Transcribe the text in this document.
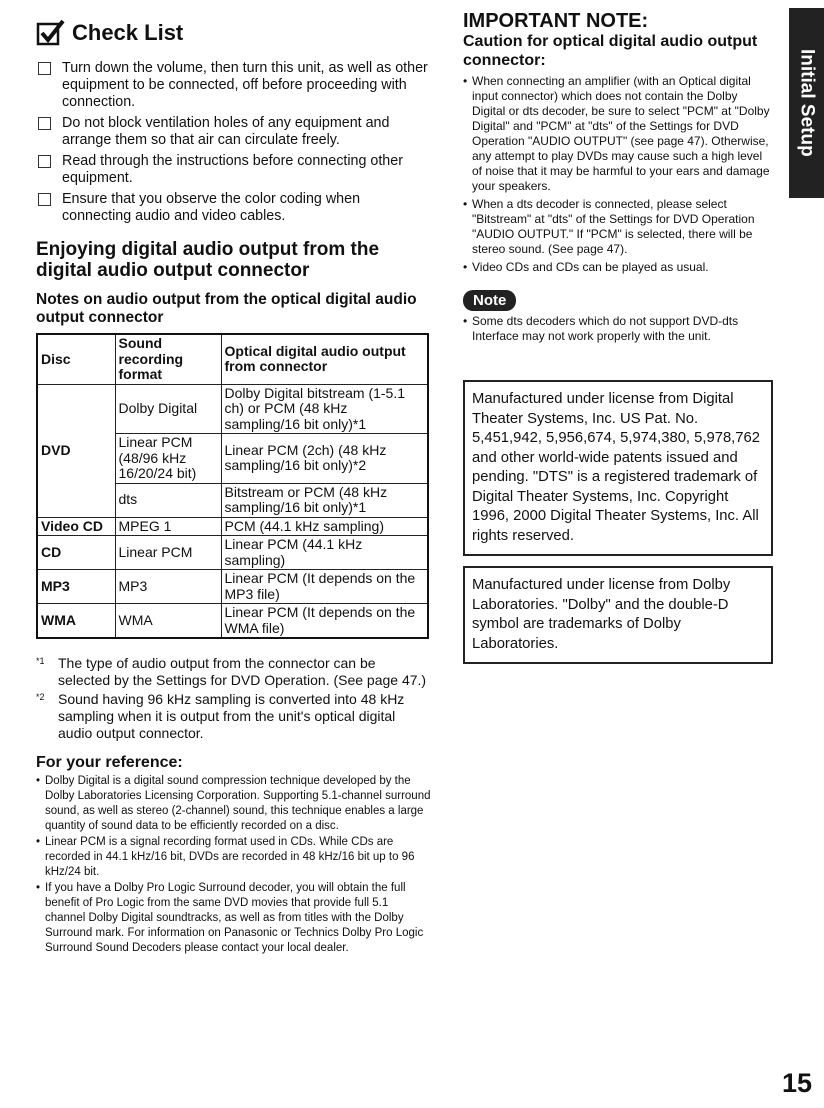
Check List
Turn down the volume, then turn this unit, as well as other equipment to be connected, off before proceeding with connection.
Do not block ventilation holes of any equipment and arrange them so that air can circulate freely.
Read through the instructions before connecting other equipment.
Ensure that you observe the color coding when connecting audio and video cables.
Enjoying digital audio output from the digital audio output connector
Notes on audio output from the optical digital audio output connector
Disc	Sound recording format	Optical digital audio output from connector
DVD	Dolby Digital	Dolby Digital bitstream (1-5.1 ch) or PCM (48 kHz sampling/16 bit only)*1
	Linear PCM (48/96 kHz 16/20/24 bit)	Linear PCM (2ch) (48 kHz sampling/16 bit only)*2
	dts	Bitstream or PCM (48 kHz sampling/16 bit only)*1
Video CD	MPEG 1	PCM (44.1 kHz sampling)
CD	Linear PCM	Linear PCM (44.1 kHz sampling)
MP3	MP3	Linear PCM (It depends on the MP3 file)
WMA	WMA	Linear PCM (It depends on the WMA file)
*1 The type of audio output from the connector can be selected by the Settings for DVD Operation. (See page 47.)
*2 Sound having 96 kHz sampling is converted into 48 kHz sampling when it is output from the unit's optical digital audio output connector.
For your reference:
• Dolby Digital is a digital sound compression technique developed by the Dolby Laboratories Licensing Corporation. Supporting 5.1-channel surround sound, as well as stereo (2-channel) sound, this technique enables a large quantity of sound data to be efficiently recorded on a disc.
• Linear PCM is a signal recording format used in CDs. While CDs are recorded in 44.1 kHz/16 bit, DVDs are recorded in 48 kHz/16 bit up to 96 kHz/24 bit.
• If you have a Dolby Pro Logic Surround decoder, you will obtain the full benefit of Pro Logic from the same DVD movies that provide full 5.1 channel Dolby Digital soundtracks, as well as from titles with the Dolby Surround mark. For information on Panasonic or Technics Dolby Pro Logic Surround Sound Decoders please contact your local dealer.
IMPORTANT NOTE:
Caution for optical digital audio output connector:
• When connecting an amplifier (with an Optical digital input connector) which does not contain the Dolby Digital or dts decoder, be sure to select "PCM" at "Dolby Digital" and "PCM" at "dts" of the Settings for DVD Operation "AUDIO OUTPUT" (see page 47). Otherwise, any attempt to play DVDs may cause such a high level of noise that it may be harmful to your ears and damage your speakers.
• When a dts decoder is connected, please select "Bitstream" at "dts" of the Settings for DVD Operation "AUDIO OUTPUT." If "PCM" is selected, there will be stereo sound. (See page 47).
• Video CDs and CDs can be played as usual.
Note
• Some dts decoders which do not support DVD-dts Interface may not work properly with the unit.
Manufactured under license from Digital Theater Systems, Inc. US Pat. No. 5,451,942, 5,956,674, 5,974,380, 5,978,762 and other world-wide patents issued and pending. "DTS" is a registered trademark of Digital Theater Systems, Inc. Copyright 1996, 2000 Digital Theater Systems, Inc. All rights reserved.
Manufactured under license from Dolby Laboratories. "Dolby" and the double-D symbol are trademarks of Dolby Laboratories.
Initial Setup
15
